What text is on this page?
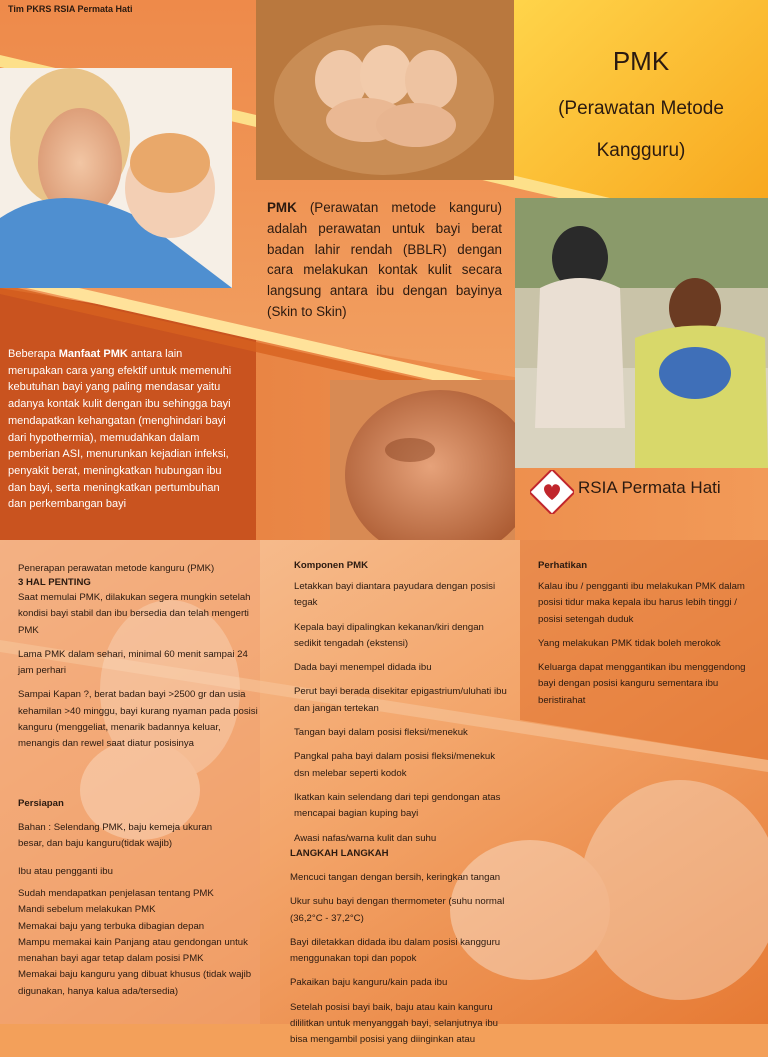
Tim PKRS RSIA Permata Hati
PMK
(Perawatan Metode
Kangguru)
PMK (Perawatan metode kanguru) adalah perawatan untuk bayi berat badan lahir rendah (BBLR) dengan cara melakukan kontak kulit secara langsung antara ibu dengan bayinya (Skin to Skin)
Beberapa Manfaat PMK antara lain merupakan cara yang efektif untuk memenuhi kebutuhan bayi yang paling mendasar yaitu adanya kontak kulit dengan ibu sehingga bayi mendapatkan kehangatan (menghindari bayi dari hypothermia), memudahkan dalam pemberian ASI, menurunkan kejadian infeksi, penyakit berat, meningkatkan hubungan ibu dan bayi, serta meningkatkan pertumbuhan dan perkembangan bayi
RSIA Permata Hati
Penerapan perawatan metode kanguru (PMK)
3 HAL PENTING

Saat memulai PMK, dilakukan segera mungkin setelah kondisi bayi stabil dan ibu bersedia dan telah mengerti PMK

Lama PMK dalam sehari, minimal 60 menit sampai 24 jam perhari

Sampai Kapan ?, berat badan bayi >2500 gr dan usia kehamilan >40 minggu, bayi kurang nyaman pada posisi kanguru (menggeliat, menarik badannya keluar, menangis dan rewel saat diatur posisinya

Persiapan
Bahan : Selendang PMK, baju kemeja ukuran besar, dan baju kanguru(tidak wajib)
Ibu atau pengganti ibu
Sudah mendapatkan penjelasan tentang PMK
Mandi sebelum melakukan PMK
Memakai baju yang terbuka dibagian depan
Mampu memakai kain Panjang atau gendongan untuk menahan bayi agar tetap dalam posisi PMK
Memakai baju kanguru yang dibuat khusus (tidak wajib digunakan, hanya kalua ada/tersedia)
Komponen PMK

Letakkan bayi diantara payudara dengan posisi tegak

Kepala bayi dipalingkan kekanan/kiri dengan sedikit tengadah (ekstensi)

Dada bayi menempel didada ibu

Perut bayi berada disekitar epigastrium/uluhati ibu dan jangan tertekan

Tangan bayi dalam posisi fleksi/menekuk

Pangkal paha bayi dalam posisi fleksi/menekuk dsn melebar seperti kodok

Ikatkan kain selendang dari tepi gendongan atas mencapai bagian kuping bayi

Awasi nafas/warna kulit dan suhu

LANGKAH LANGKAH

Mencuci tangan dengan bersih, keringkan tangan

Ukur suhu bayi dengan thermometer (suhu normal (36,2°C - 37,2°C)

Bayi diletakkan didada ibu dalam posisi kangguru menggunakan topi dan popok

Pakaikan baju kanguru/kain pada ibu

Setelah posisi bayi baik, baju atau kain kanguru dililitkan untuk menyanggah bayi, selanjutnya ibu bisa mengambil posisi yang diinginkan atau

Perhatikan

Kalau ibu / pengganti ibu melakukan PMK dalam posisi tidur maka kepala ibu harus lebih tinggi / posisi setengah duduk

Yang melakukan PMK tidak boleh merokok

Keluarga dapat menggantikan ibu menggendong bayi dengan posisi kanguru sementara ibu beristirahat
